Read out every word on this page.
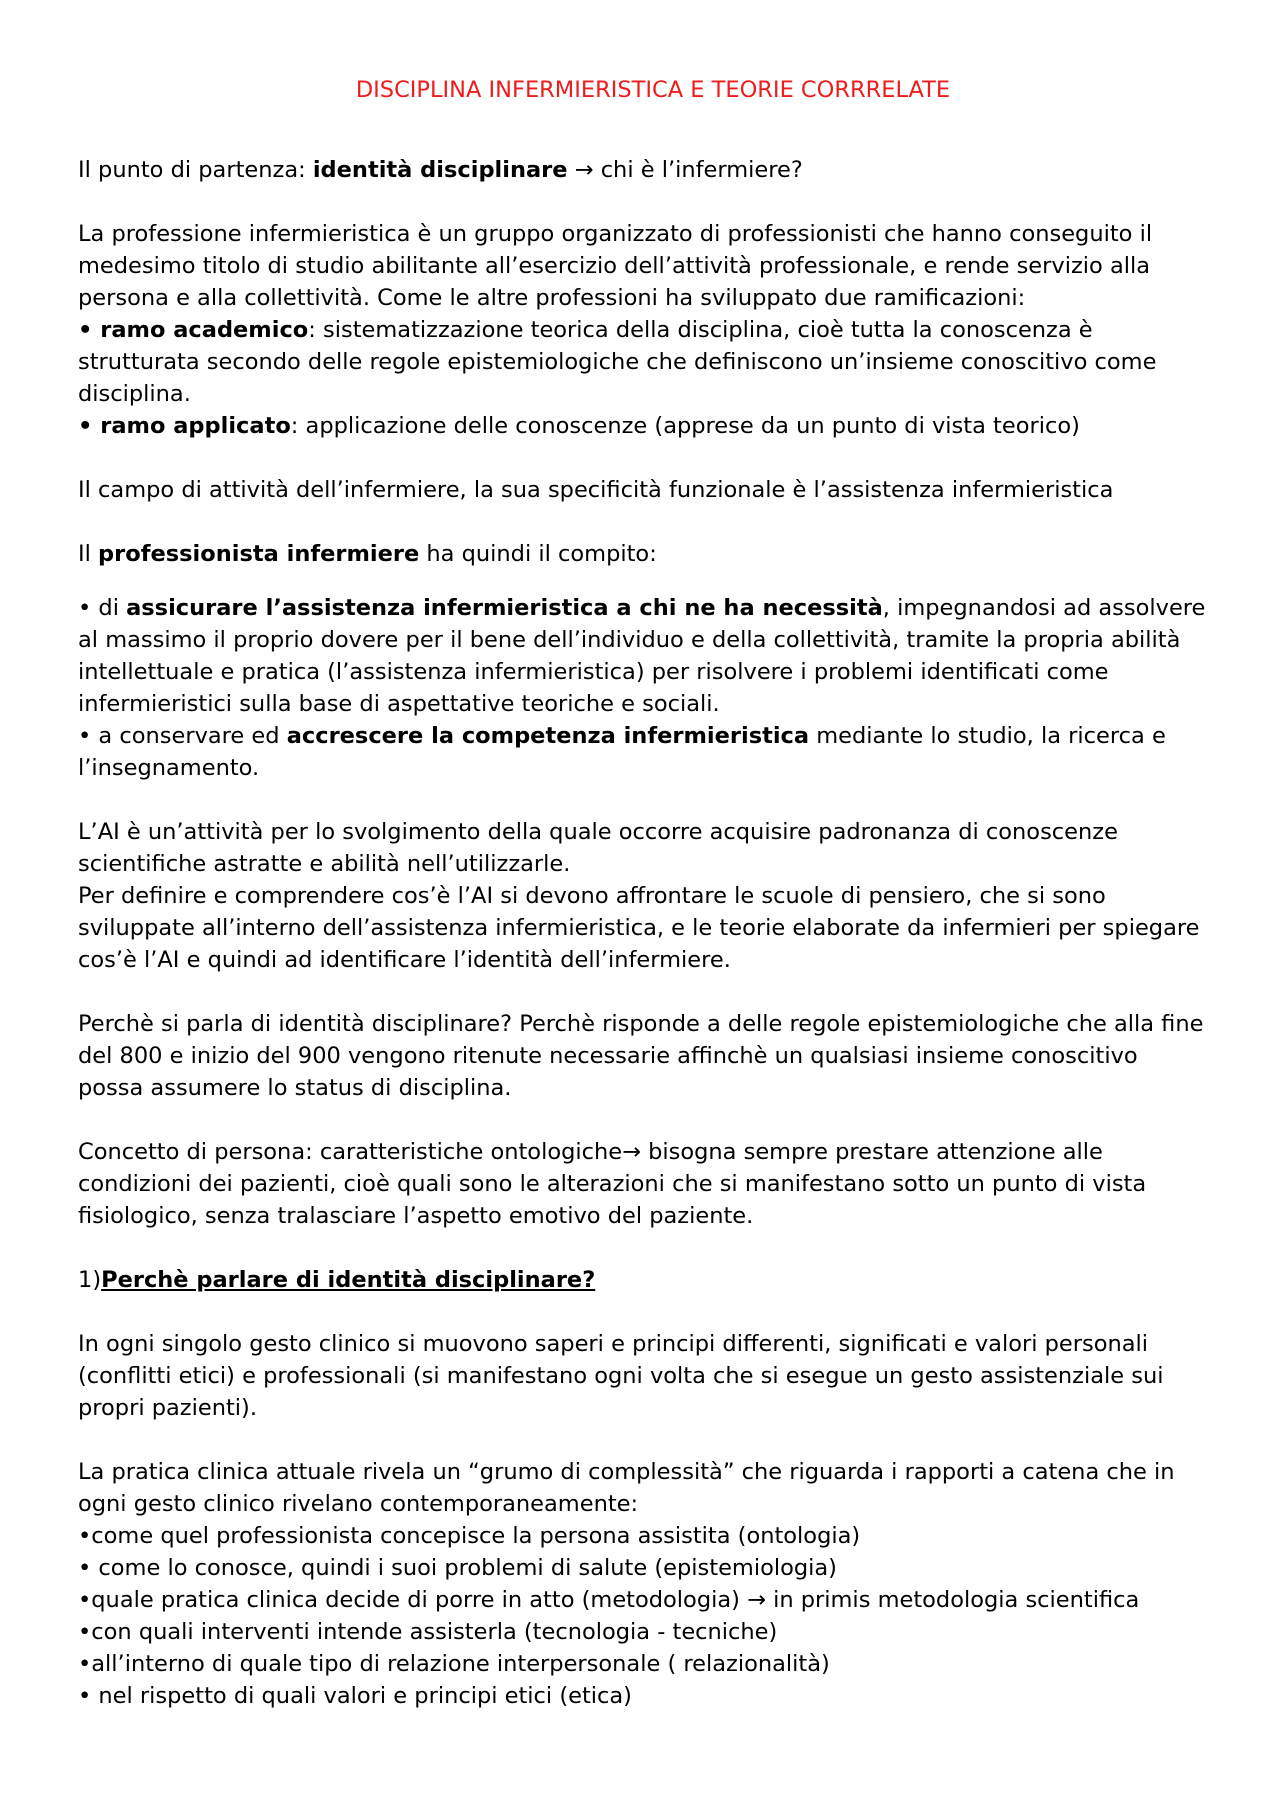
DISCIPLINA INFERMIERISTICA E TEORIE CORRRELATE

Il punto di partenza: identità disciplinare → chi è l’infermiere?

La professione infermieristica è un gruppo organizzato di professionisti che hanno conseguito il medesimo titolo di studio abilitante all’esercizio dell’attività professionale, e rende servizio alla persona e alla collettività. Come le altre professioni ha sviluppato due ramificazioni:

• ramo academico: sistematizzazione teorica della disciplina, cioè tutta la conoscenza è strutturata secondo delle regole epistemiologiche che definiscono un’insieme conoscitivo come disciplina.

• ramo applicato: applicazione delle conoscenze (apprese da un punto di vista teorico)

Il campo di attività dell’infermiere, la sua specificità funzionale è l’assistenza infermieristica

Il professionista infermiere ha quindi il compito:

• di assicurare l’assistenza infermieristica a chi ne ha necessità, impegnandosi ad assolvere al massimo il proprio dovere per il bene dell’individuo e della collettività, tramite la propria abilità intellettuale e pratica (l’assistenza infermieristica) per risolvere i problemi identificati come infermieristici sulla base di aspettative teoriche e sociali.

• a conservare ed accrescere la competenza infermieristica mediante lo studio, la ricerca e l’insegnamento.

L’AI è un’attività per lo svolgimento della quale occorre acquisire padronanza di conoscenze scientifiche astratte e abilità nell’utilizzarle.

Per definire e comprendere cos’è l’AI si devono affrontare le scuole di pensiero, che si sono sviluppate all’interno dell’assistenza infermieristica, e le teorie elaborate da infermieri per spiegare cos’è l’AI e quindi ad identificare l’identità dell’infermiere.

Perchè si parla di identità disciplinare? Perchè risponde a delle regole epistemiologiche che alla fine del 800 e inizio del 900 vengono ritenute necessarie affinchè un qualsiasi insieme conoscitivo possa assumere lo status di disciplina.

Concetto di persona: caratteristiche ontologiche→ bisogna sempre prestare attenzione alle condizioni dei pazienti, cioè quali sono le alterazioni che si manifestano sotto un punto di vista fisiologico, senza tralasciare l’aspetto emotivo del paziente.

1)Perchè parlare di identità disciplinare?

In ogni singolo gesto clinico si muovono saperi e principi differenti, significati e valori personali (conflitti etici) e professionali (si manifestano ogni volta che si esegue un gesto assistenziale sui propri pazienti).

La pratica clinica attuale rivela un “grumo di complessità” che riguarda i rapporti a catena che in ogni gesto clinico rivelano contemporaneamente:

•come quel professionista concepisce la persona assistita (ontologia)

• come lo conosce, quindi i suoi problemi di salute (epistemiologia)

•quale pratica clinica decide di porre in atto (metodologia) → in primis metodologia scientifica

•con quali interventi intende assisterla (tecnologia - tecniche)

•all’interno di quale tipo di relazione interpersonale ( relazionalità)

• nel rispetto di quali valori e principi etici (etica)
